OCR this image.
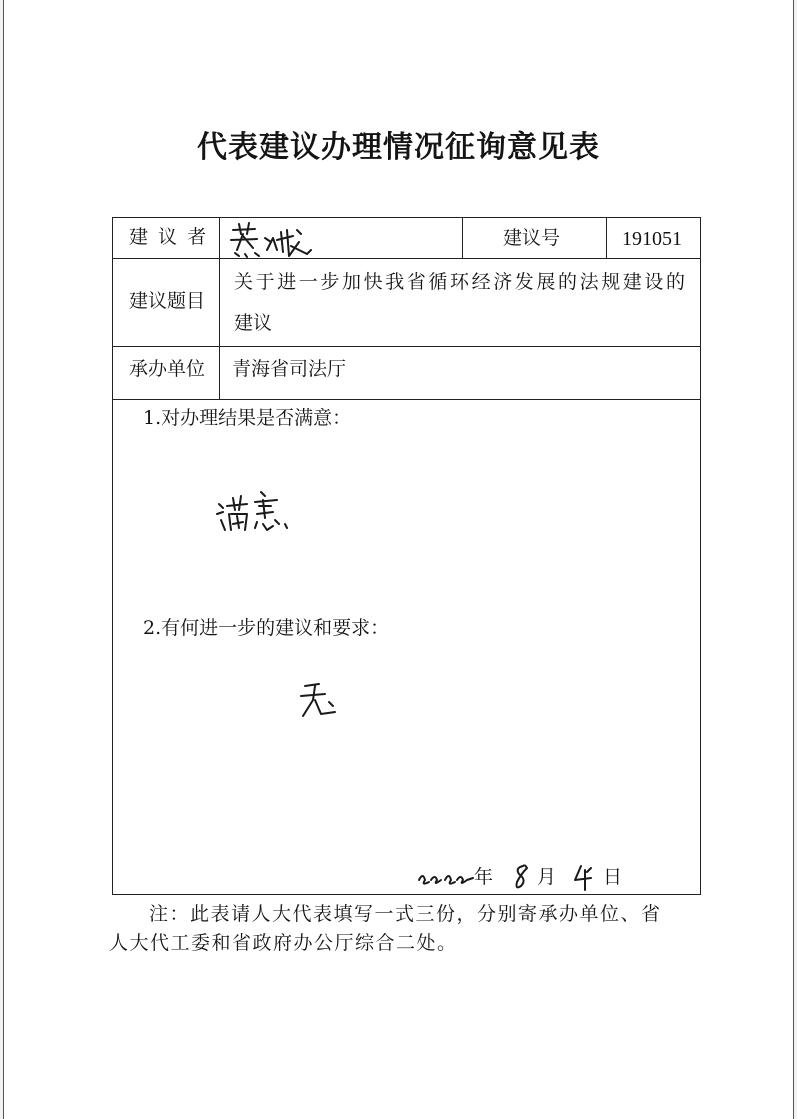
代表建议办理情况征询意见表
建 议 者	建议号	191051
建议题目
关于进一步加快我省循环经济发展的法规建设的
建议
承办单位 青海省司法厅
1.对办理结果是否满意：
2.有何进一步的建议和要求：
年 月 日
注：此表请人大代表填写一式三份，分别寄承办单位、省
人大代工委和省政府办公厅综合二处。
